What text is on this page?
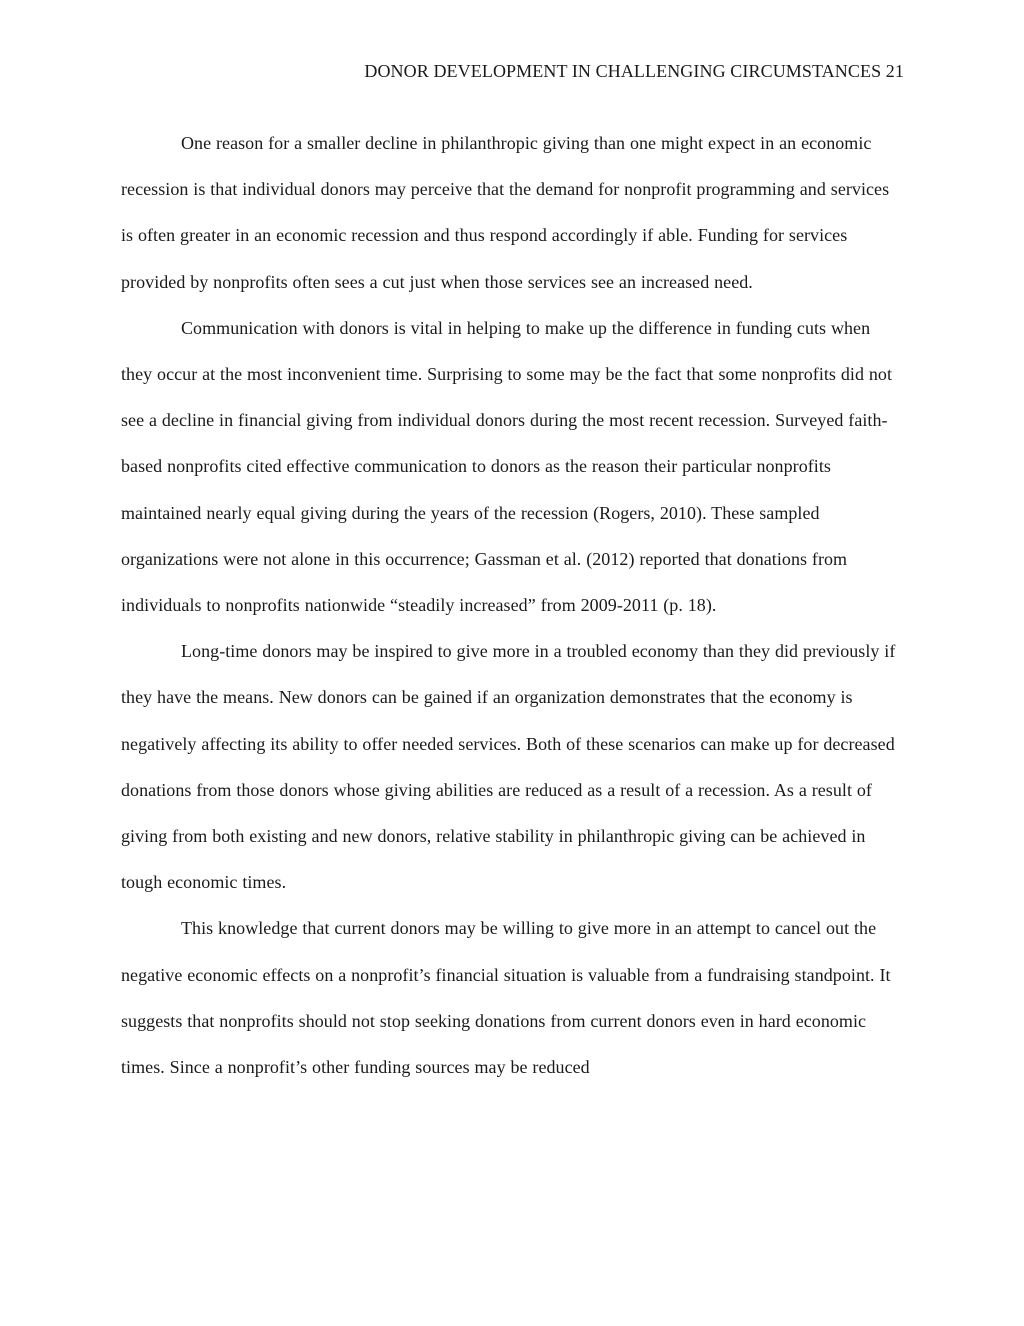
DONOR DEVELOPMENT IN CHALLENGING CIRCUMSTANCES 21

One reason for a smaller decline in philanthropic giving than one might expect in an economic recession is that individual donors may perceive that the demand for nonprofit programming and services is often greater in an economic recession and thus respond accordingly if able. Funding for services provided by nonprofits often sees a cut just when those services see an increased need.

Communication with donors is vital in helping to make up the difference in funding cuts when they occur at the most inconvenient time. Surprising to some may be the fact that some nonprofits did not see a decline in financial giving from individual donors during the most recent recession. Surveyed faith-based nonprofits cited effective communication to donors as the reason their particular nonprofits maintained nearly equal giving during the years of the recession (Rogers, 2010). These sampled organizations were not alone in this occurrence; Gassman et al. (2012) reported that donations from individuals to nonprofits nationwide “steadily increased” from 2009-2011 (p. 18).

Long-time donors may be inspired to give more in a troubled economy than they did previously if they have the means. New donors can be gained if an organization demonstrates that the economy is negatively affecting its ability to offer needed services. Both of these scenarios can make up for decreased donations from those donors whose giving abilities are reduced as a result of a recession. As a result of giving from both existing and new donors, relative stability in philanthropic giving can be achieved in tough economic times.

This knowledge that current donors may be willing to give more in an attempt to cancel out the negative economic effects on a nonprofit’s financial situation is valuable from a fundraising standpoint. It suggests that nonprofits should not stop seeking donations from current donors even in hard economic times. Since a nonprofit’s other funding sources may be reduced
